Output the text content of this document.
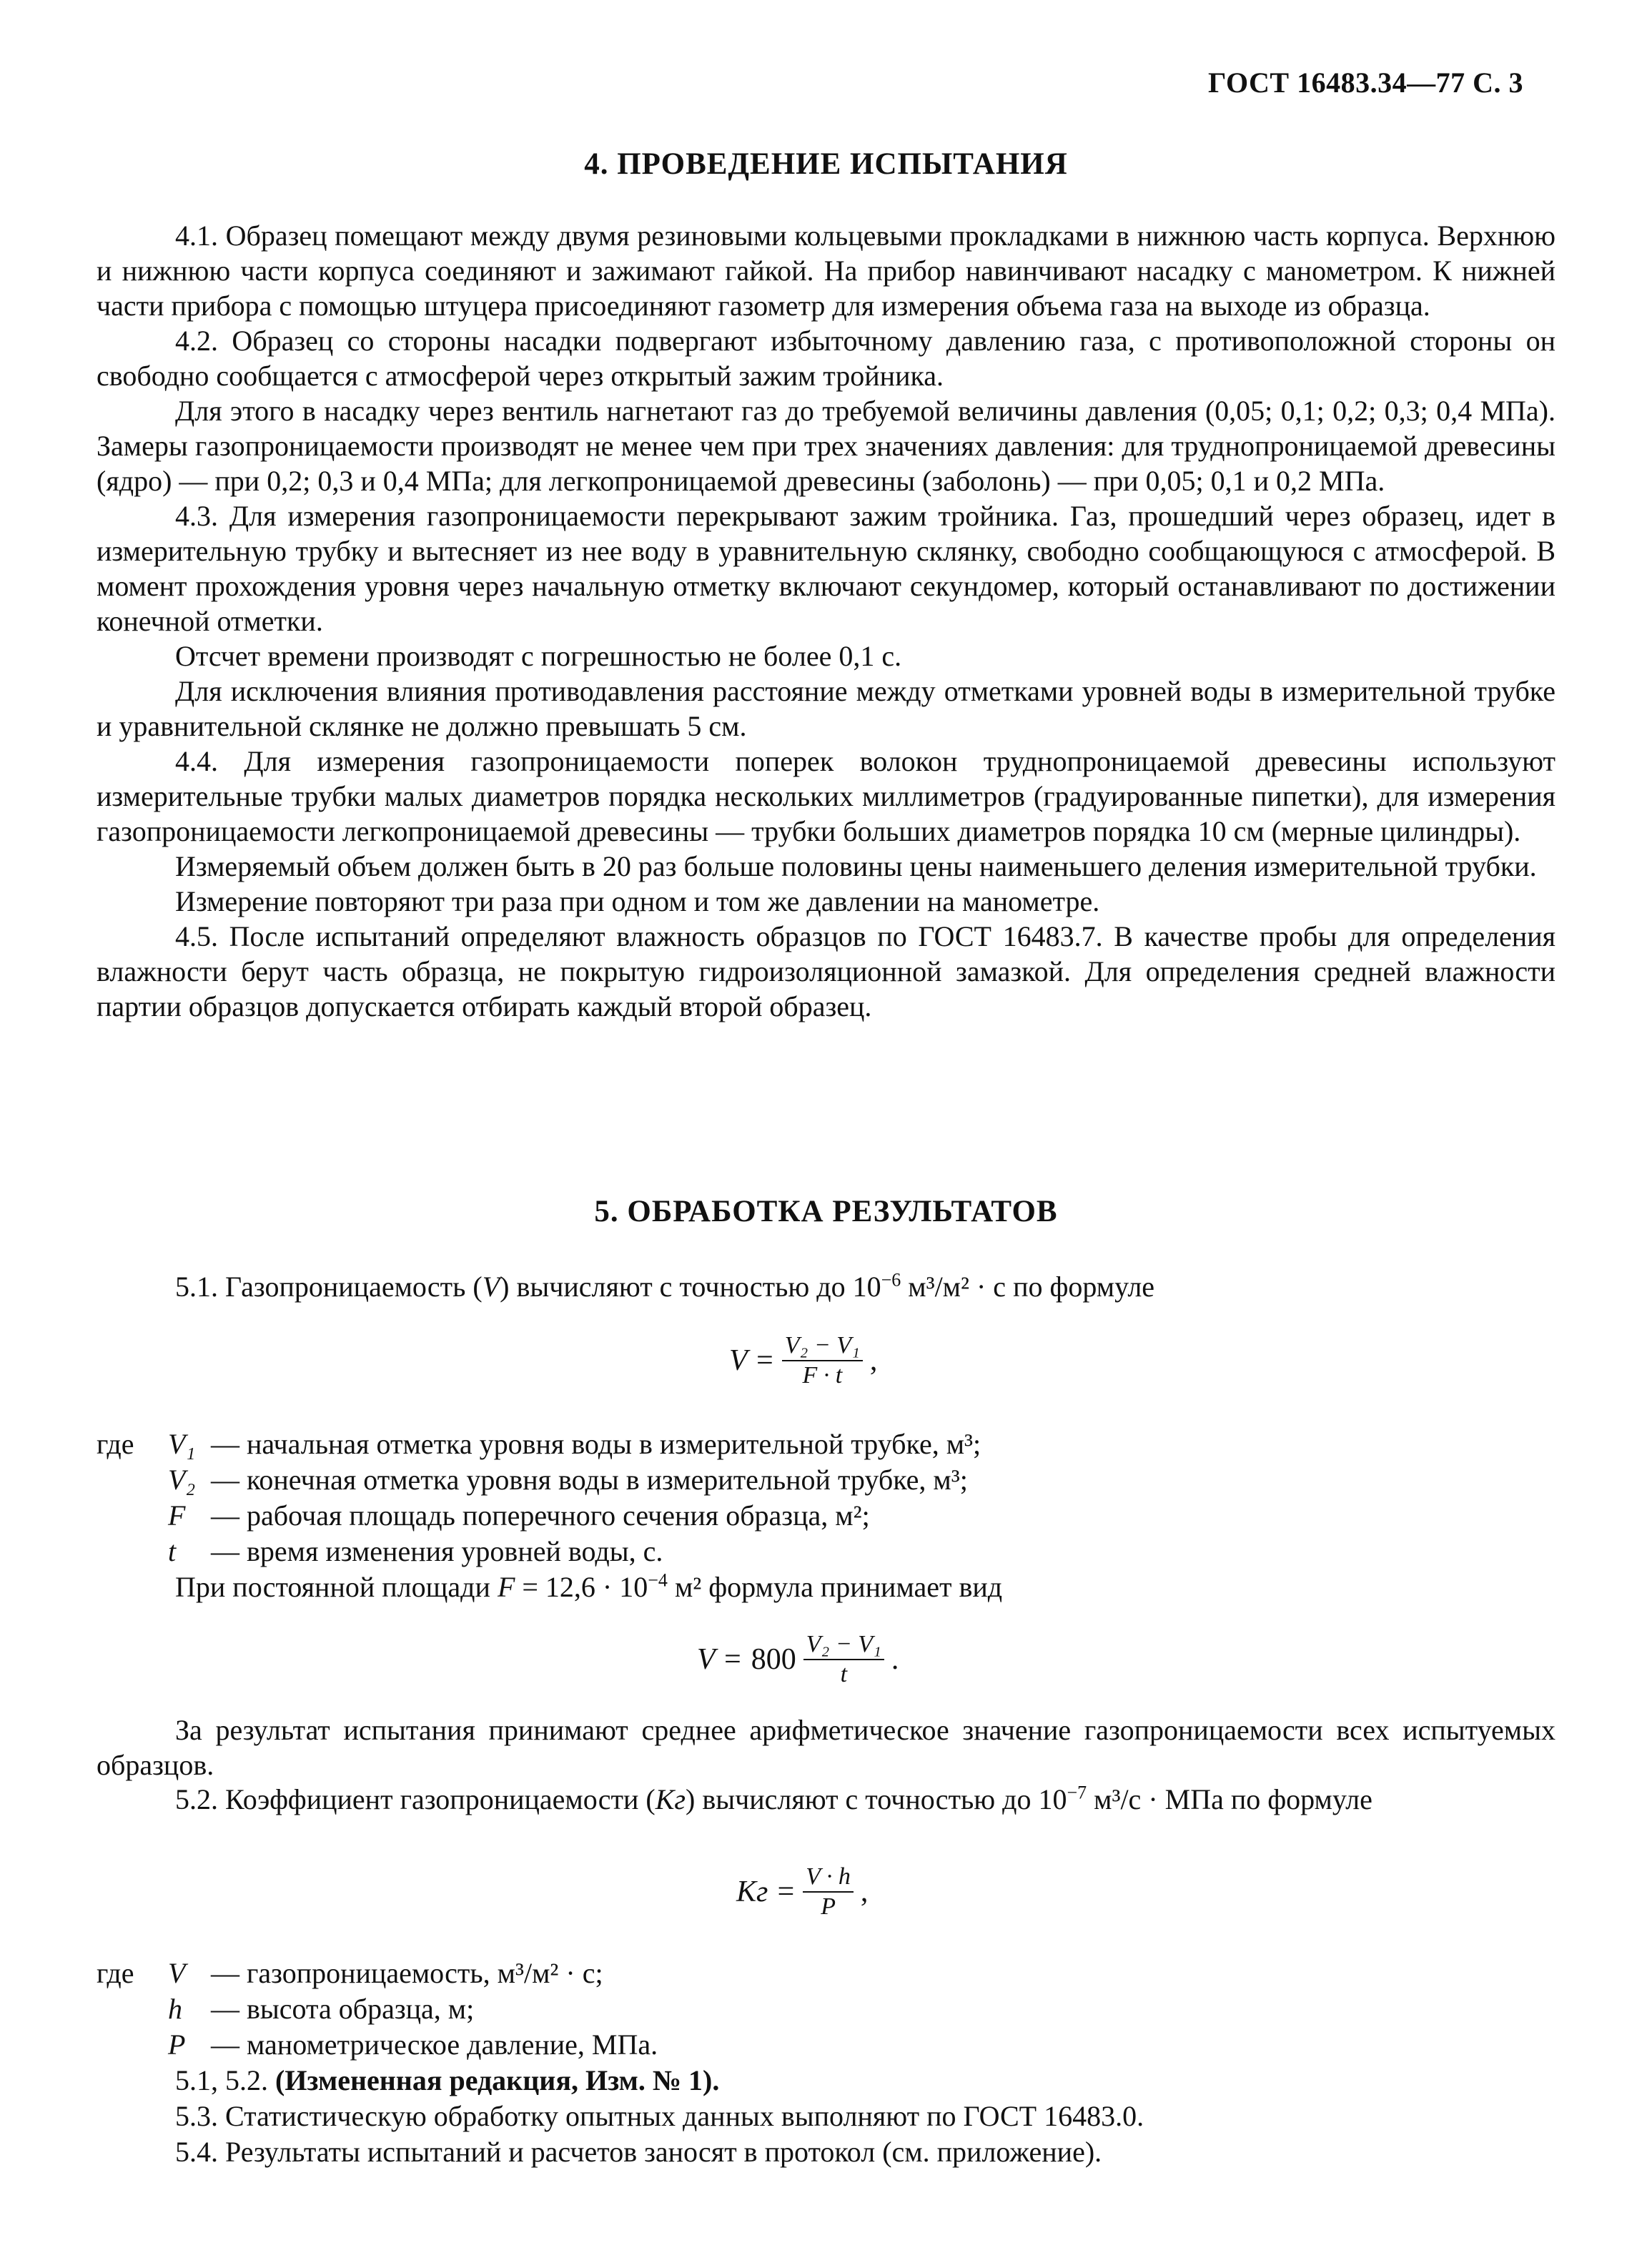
ГОСТ 16483.34—77 С. 3
4. ПРОВЕДЕНИЕ ИСПЫТАНИЯ

4.1. Образец помещают между двумя резиновыми кольцевыми прокладками в нижнюю часть корпуса. Верхнюю и нижнюю части корпуса соединяют и зажимают гайкой. На прибор навинчивают насадку с манометром. К нижней части прибора с помощью штуцера присоединяют газометр для измерения объема газа на выходе из образца.

4.2. Образец со стороны насадки подвергают избыточному давлению газа, с противоположной стороны он свободно сообщается с атмосферой через открытый зажим тройника.

Для этого в насадку через вентиль нагнетают газ до требуемой величины давления (0,05; 0,1; 0,2; 0,3; 0,4 МПа). Замеры газопроницаемости производят не менее чем при трех значениях давления: для труднопроницаемой древесины (ядро) — при 0,2; 0,3 и 0,4 МПа; для легкопроницаемой древесины (заболонь) — при 0,05; 0,1 и 0,2 МПа.

4.3. Для измерения газопроницаемости перекрывают зажим тройника. Газ, прошедший через образец, идет в измерительную трубку и вытесняет из нее воду в уравнительную склянку, свободно сообщающуюся с атмосферой. В момент прохождения уровня через начальную отметку включают секундомер, который останавливают по достижении конечной отметки.

Отсчет времени производят с погрешностью не более 0,1 с.

Для исключения влияния противодавления расстояние между отметками уровней воды в измерительной трубке и уравнительной склянке не должно превышать 5 см.

4.4. Для измерения газопроницаемости поперек волокон труднопроницаемой древесины используют измерительные трубки малых диаметров порядка нескольких миллиметров (градуированные пипетки), для измерения газопроницаемости легкопроницаемой древесины — трубки больших диаметров порядка 10 см (мерные цилиндры).

Измеряемый объем должен быть в 20 раз больше половины цены наименьшего деления измерительной трубки.

Измерение повторяют три раза при одном и том же давлении на манометре.

4.5. После испытаний определяют влажность образцов по ГОСТ 16483.7. В качестве пробы для определения влажности берут часть образца, не покрытую гидроизоляционной замазкой. Для определения средней влажности партии образцов допускается отбирать каждый второй образец.

5. ОБРАБОТКА РЕЗУЛЬТАТОВ

5.1. Газопроницаемость (V) вычисляют с точностью до $10^{-6}$ м³/м² · с по формуле

$V = \frac{\text{V₂ − V₁}}{F \cdot t}$ ,
где V₁ — начальная отметка уровня воды в измерительной трубке, м³;
V₂ — конечная отметка уровня воды в измерительной трубке, м³;
F — рабочая площадь поперечного сечения образца, м²;
t — время изменения уровней воды, с.
При постоянной площади $F = 12,6 \cdot 10^{-4}$ м² формула принимает вид
$V = 800 \frac{\text{V₂ − V₁}}{t}$ .

За результат испытания принимают среднее арифметическое значение газопроницаемости всех испытуемых образцов.

5.2. Коэффициент газопроницаемости (Kг) вычисляют с точностью до $10^{-7}$ м³/с · МПа по формуле

Kг = $\frac{V \cdot h}{P}$ ,
где V — газопроницаемость, м³/м² · с;
h — высота образца, м;
P — манометрическое давление, МПа.
5.1, 5.2. (Измененная редакция, Изм. № 1).
5.3. Статистическую обработку опытных данных выполняют по ГОСТ 16483.0.
5.4. Результаты испытаний и расчетов заносят в протокол (см. приложение).
